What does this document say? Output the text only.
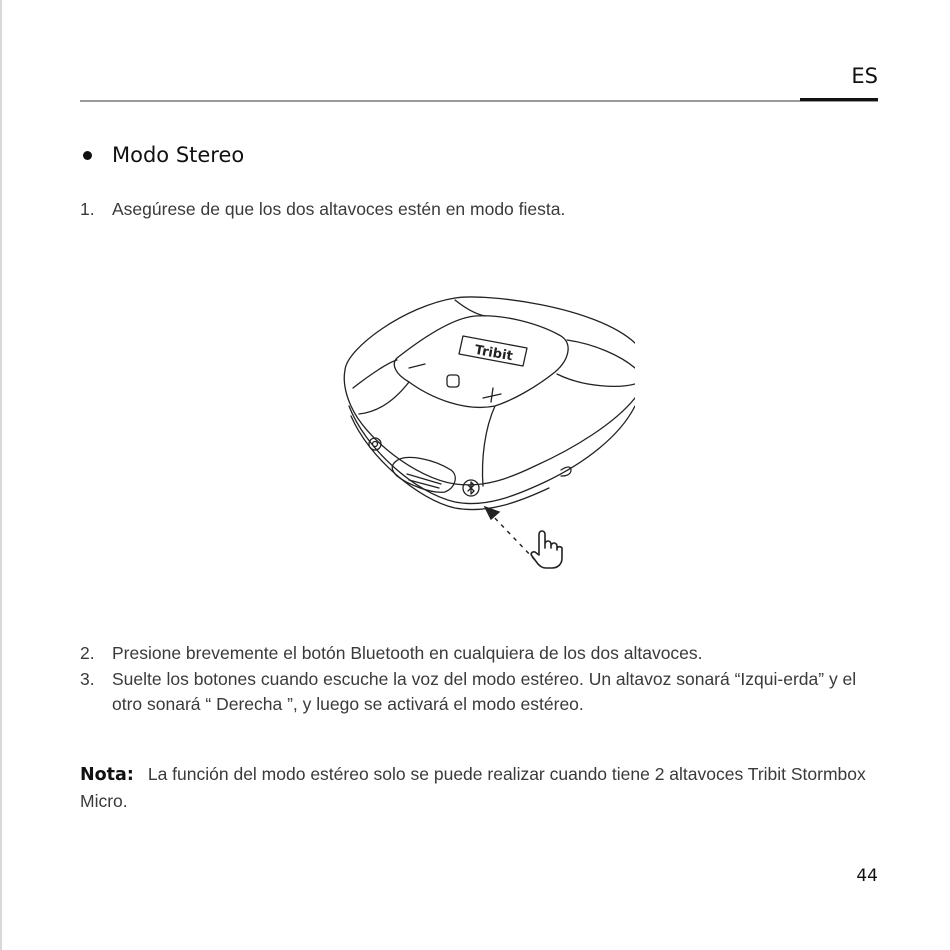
ES
Modo Stereo
1. Asegúrese de que los dos altavoces estén en modo fiesta.
Tribit
2. Presione brevemente el botón Bluetooth en cualquiera de los dos altavoces.
3. Suelte los botones cuando escuche la voz del modo estéreo. Un altavoz sonará “Izqui-erda” y el otro sonará “ Derecha ”, y luego se activará el modo estéreo.
Nota: La función del modo estéreo solo se puede realizar cuando tiene 2 altavoces Tribit Stormbox Micro.
44
